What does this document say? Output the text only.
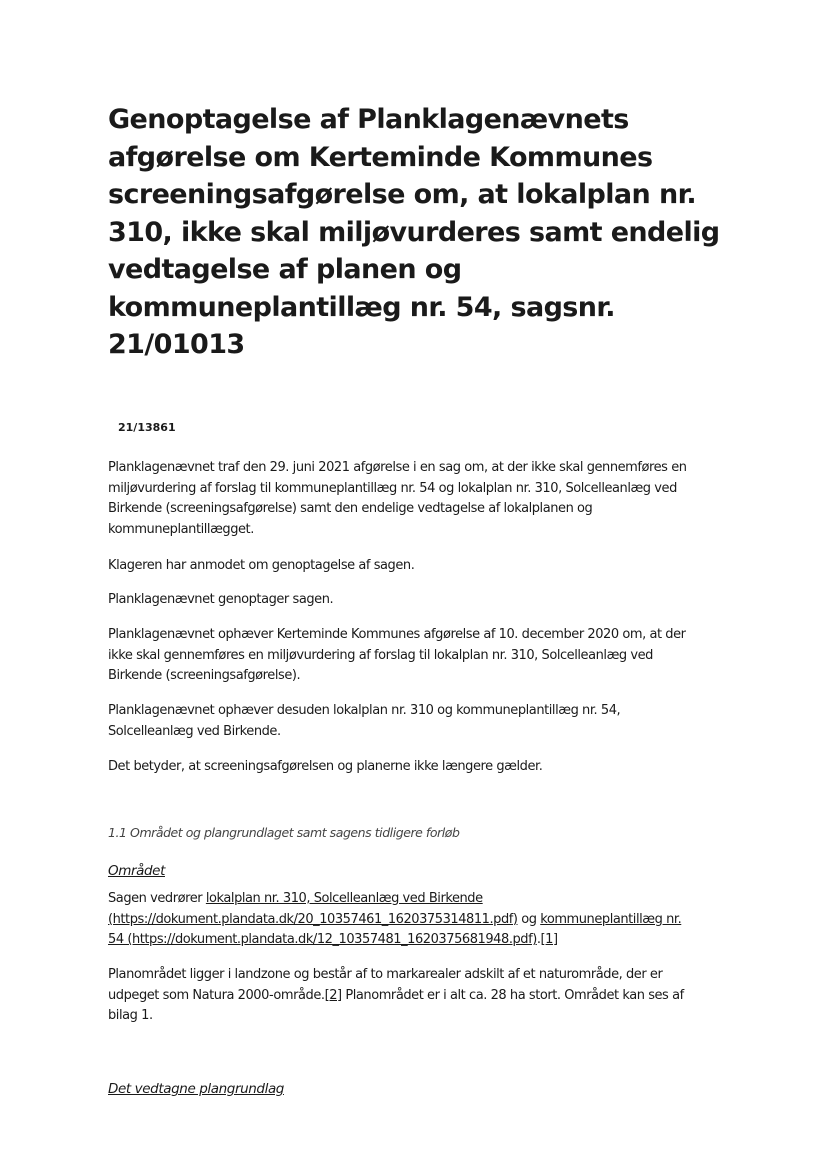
Genoptagelse af Planklagenævnets
afgørelse om Kerteminde Kommunes
screeningsafgørelse om, at lokalplan nr.
310, ikke skal miljøvurderes samt endelig
vedtagelse af planen og
kommuneplantillæg nr. 54, sagsnr.
21/01013

21/13861

Planklagenævnet traf den 29. juni 2021 afgørelse i en sag om, at der ikke skal gennemføres en
miljøvurdering af forslag til kommuneplantillæg nr. 54 og lokalplan nr. 310, Solcelleanlæg ved
Birkende (screeningsafgørelse) samt den endelige vedtagelse af lokalplanen og
kommuneplantillægget.

Klageren har anmodet om genoptagelse af sagen.

Planklagenævnet genoptager sagen.

Planklagenævnet ophæver Kerteminde Kommunes afgørelse af 10. december 2020 om, at der
ikke skal gennemføres en miljøvurdering af forslag til lokalplan nr. 310, Solcelleanlæg ved
Birkende (screeningsafgørelse).

Planklagenævnet ophæver desuden lokalplan nr. 310 og kommuneplantillæg nr. 54,
Solcelleanlæg ved Birkende.

Det betyder, at screeningsafgørelsen og planerne ikke længere gælder.

1.1 Området og plangrundlaget samt sagens tidligere forløb

Området

Sagen vedrører lokalplan nr. 310, Solcelleanlæg ved Birkende
(https://dokument.plandata.dk/20_10357461_1620375314811.pdf) og kommuneplantillæg nr.
54 (https://dokument.plandata.dk/12_10357481_1620375681948.pdf).[1]

Planområdet ligger i landzone og består af to markarealer adskilt af et naturområde, der er
udpeget som Natura 2000-område.[2] Planområdet er i alt ca. 28 ha stort. Området kan ses af
bilag 1.

Det vedtagne plangrundlag
